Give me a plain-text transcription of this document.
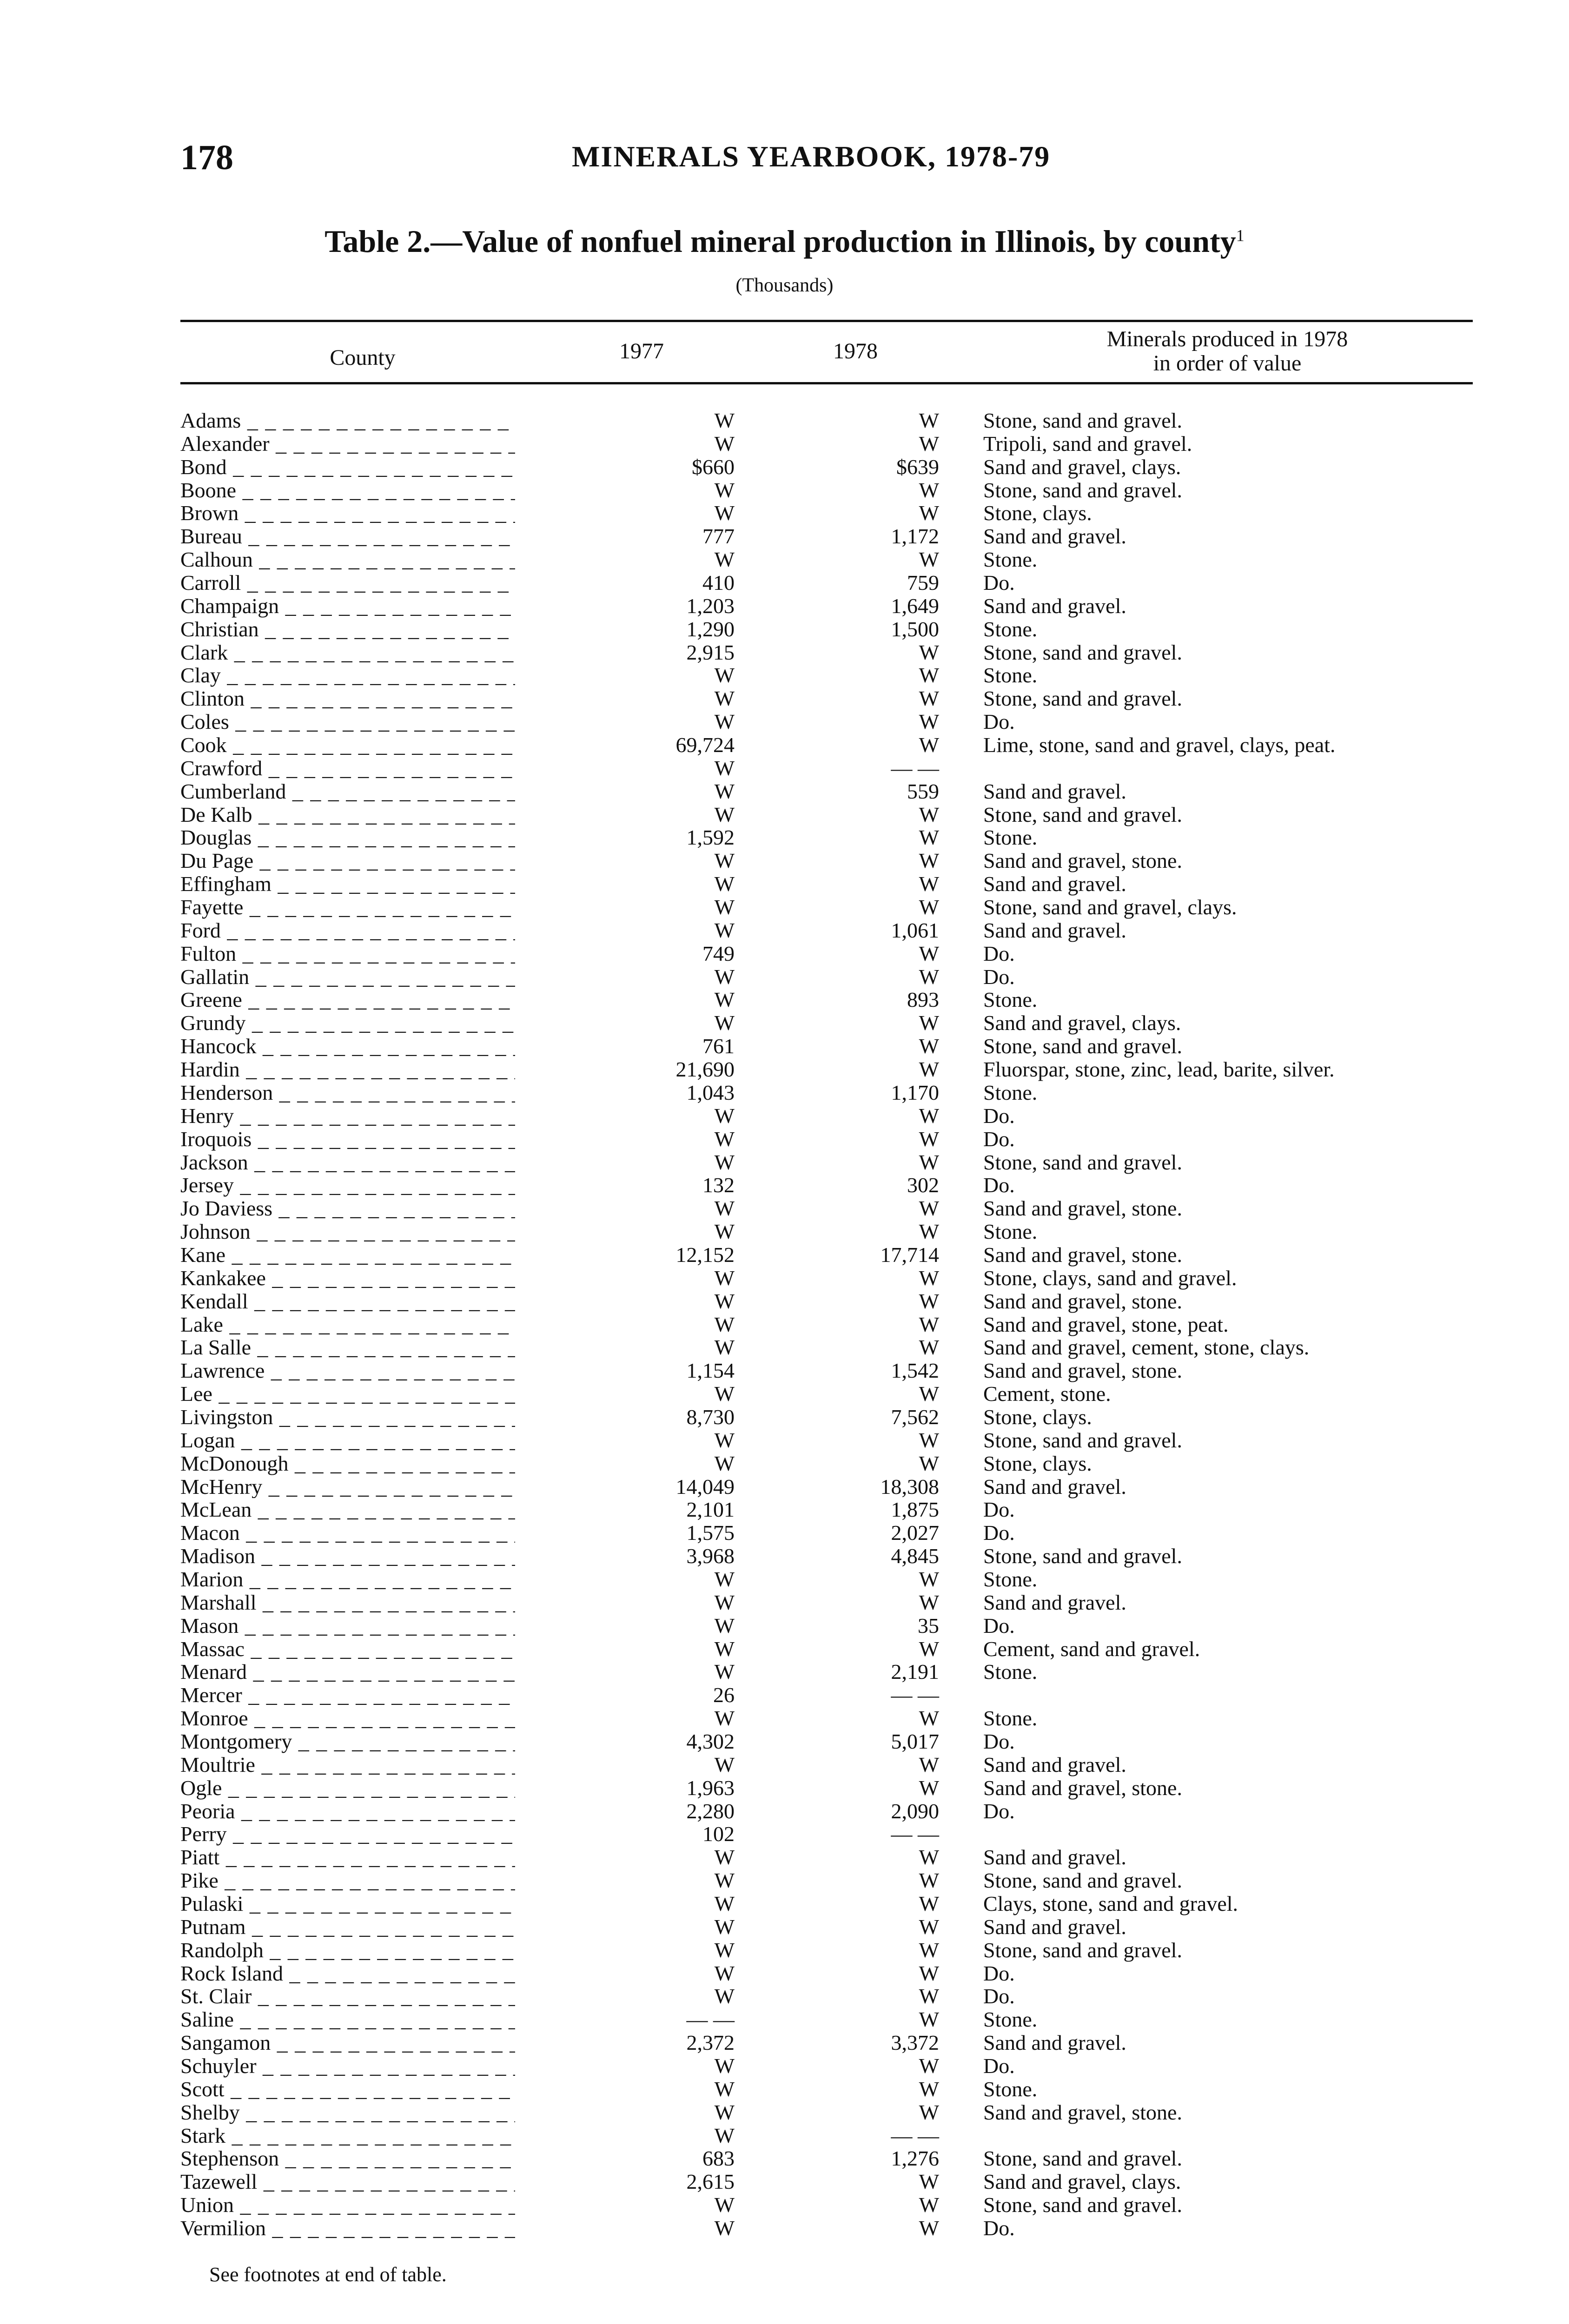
178	MINERALS YEARBOOK, 1978-79
Table 2.—Value of nonfuel mineral production in Illinois, by county$^1$
(Thousands)
County	1977	1978	Minerals produced in 1978
in order of value
Adams _ _ _	W	W Stone, sand and gravel.
Alexander _ _ _	W	W Tripoli, sand and gravel.
Bond _ _ _	$660	$639 Sand and gravel, clays.
Boone _ _ _	W	W Stone, sand and gravel.
Brown _ _ _	W	W Stone, clays.
Bureau _ _ _	777	1,172 Sand and gravel.
Calhoun _ _ _	W	W Stone.
Carroll _ _ _	410	759 Do.
Champaign _ _ _	1,203	1,649 Sand and gravel.
Christian _ _ _	1,290	1,500 Stone.
Clark _ _ _	2,915	W Stone, sand and gravel.
Clay _ _ _	W	W Stone.
Clinton _ _ _	W	W Stone, sand and gravel.
Coles _ _ _	W	W Do.
Cook _ _ _	69,724	W Lime, stone, sand and gravel, clays, peat.
Crawford _ _ _	W	— —
Cumberland _ _ _	W	559 Sand and gravel.
De Kalb _ _ _	W	W Stone, sand and gravel.
Douglas _ _ _	1,592	W Stone.
Du Page _ _ _	W	W Sand and gravel, stone.
Effingham _ _ _	W	W Sand and gravel.
Fayette _ _ _	W	W Stone, sand and gravel, clays.
Ford _ _ _	W	1,061 Sand and gravel.
Fulton _ _ _	749	W Do.
Gallatin _ _ _	W	W Do.
Greene _ _ _	W	893 Stone.
Grundy _ _ _	W	W Sand and gravel, clays.
Hancock _ _ _	761	W Stone, sand and gravel.
Hardin _ _ _	21,690	W Fluorspar, stone, zinc, lead, barite, silver.
Henderson _ _ _	1,043	1,170 Stone.
Henry _ _ _	W	W Do.
Iroquois _ _ _	W	W Do.
Jackson _ _ _	W	W Stone, sand and gravel.
Jersey _ _ _	132	302 Do.
Jo Daviess _ _ _	W	W Sand and gravel, stone.
Johnson _ _ _	W	W Stone.
Kane _ _ _	12,152	17,714 Sand and gravel, stone.
Kankakee _ _ _	W	W Stone, clays, sand and gravel.
Kendall _ _ _	W	W Sand and gravel, stone.
Lake _ _ _	W	W Sand and gravel, stone, peat.
La Salle _ _ _	W	W Sand and gravel, cement, stone, clays.
Lawrence _ _ _	1,154	1,542 Sand and gravel, stone.
Lee _ _ _	W	W Cement, stone.
Livingston _ _ _	8,730	7,562 Stone, clays.
Logan _ _ _	W	W Stone, sand and gravel.
McDonough _ _ _	W	W Stone, clays.
McHenry _ _ _	14,049	18,308 Sand and gravel.
McLean _ _ _	2,101	1,875 Do.
Macon _ _ _	1,575	2,027 Do.
Madison _ _ _	3,968	4,845 Stone, sand and gravel.
Marion _ _ _	W	W Stone.
Marshall _ _ _	W	W Sand and gravel.
Mason _ _ _	W	35 Do.
Massac _ _ _	W	W Cement, sand and gravel.
Menard _ _ _	W	2,191 Stone.
Mercer _ _ _	26	— —
Monroe _ _ _	W	W Stone.
Montgomery _ _ _	4,302	5,017 Do.
Moultrie _ _ _	W	W Sand and gravel.
Ogle _ _ _	1,963	W Sand and gravel, stone.
Peoria _ _ _	2,280	2,090 Do.
Perry _ _ _	102	— —
Piatt _ _ _	W	W Sand and gravel.
Pike _ _ _	W	W Stone, sand and gravel.
Pulaski _ _ _	W	W Clays, stone, sand and gravel.
Putnam _ _ _	W	W Sand and gravel.
Randolph _ _ _	W	W Stone, sand and gravel.
Rock Island _ _ _	W	W Do.
St. Clair _ _ _	W	W Do.
Saline _ _ _	— —	W Stone.
Sangamon _ _ _	2,372	3,372 Sand and gravel.
Schuyler _ _ _	W	W Do.
Scott _ _ _	W	W Stone.
Shelby _ _ _	W	W Sand and gravel, stone.
Stark _ _ _	W	— —
Stephenson _ _ _	683	1,276 Stone, sand and gravel.
Tazewell _ _ _	2,615	W Sand and gravel, clays.
Union _ _ _	W	W Stone, sand and gravel.
Vermilion _ _ _	W	W Do.
See footnotes at end of table.
